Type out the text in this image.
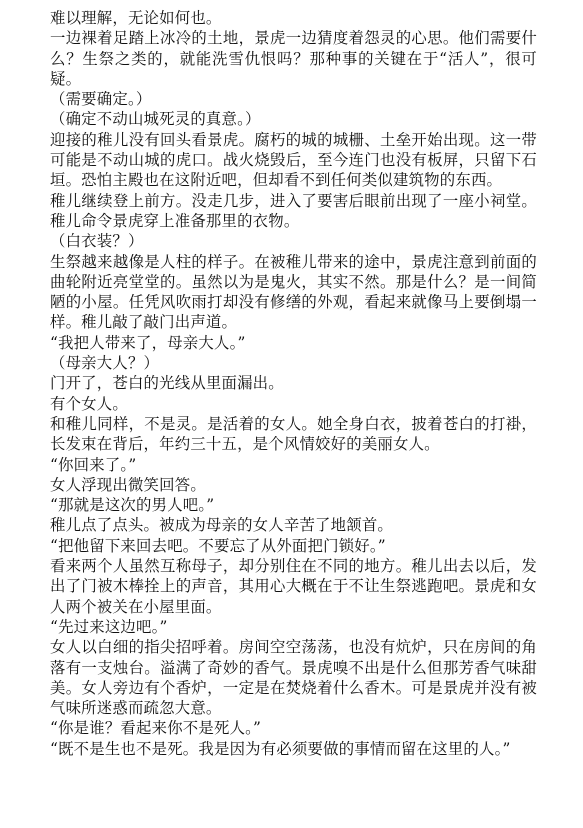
难以理解，无论如何也。

一边裸着足踏上冰冷的土地，景虎一边猜度着怨灵的心思。他们需要什么？生祭之类的，就能洗雪仇恨吗？那种事的关键在于“活人”，很可疑。

（需要确定。）

（确定不动山城死灵的真意。）

迎接的稚儿没有回头看景虎。腐朽的城的城栅、土垒开始出现。这一带可能是不动山城的虎口。战火烧毁后，至今连门也没有板屏，只留下石垣。恐怕主殿也在这附近吧，但却看不到任何类似建筑物的东西。

稚儿继续登上前方。没走几步，进入了要害后眼前出现了一座小祠堂。稚儿命令景虎穿上准备那里的衣物。

（白衣装？）

生祭越来越像是人柱的样子。在被稚儿带来的途中，景虎注意到前面的曲轮附近亮堂堂的。虽然以为是鬼火，其实不然。那是什么？是一间简陋的小屋。任凭风吹雨打却没有修缮的外观，看起来就像马上要倒塌一样。稚儿敲了敲门出声道。

“我把人带来了，母亲大人。”

（母亲大人？）

门开了，苍白的光线从里面漏出。

有个女人。

和稚儿同样，不是灵。是活着的女人。她全身白衣，披着苍白的打褂，长发束在背后，年约三十五，是个风情姣好的美丽女人。

“你回来了。”

女人浮现出微笑回答。

“那就是这次的男人吧。”

稚儿点了点头。被成为母亲的女人辛苦了地颔首。

“把他留下来回去吧。不要忘了从外面把门锁好。”

看来两个人虽然互称母子，却分别住在不同的地方。稚儿出去以后，发出了门被木棒拴上的声音，其用心大概在于不让生祭逃跑吧。景虎和女人两个被关在小屋里面。

“先过来这边吧。”

女人以白细的指尖招呼着。房间空空荡荡，也没有炕炉，只在房间的角落有一支烛台。溢满了奇妙的香气。景虎嗅不出是什么但那芳香气味甜美。女人旁边有个香炉，一定是在焚烧着什么香木。可是景虎并没有被气味所迷惑而疏忽大意。

“你是谁？看起来你不是死人。”

“既不是生也不是死。我是因为有必须要做的事情而留在这里的人。”
